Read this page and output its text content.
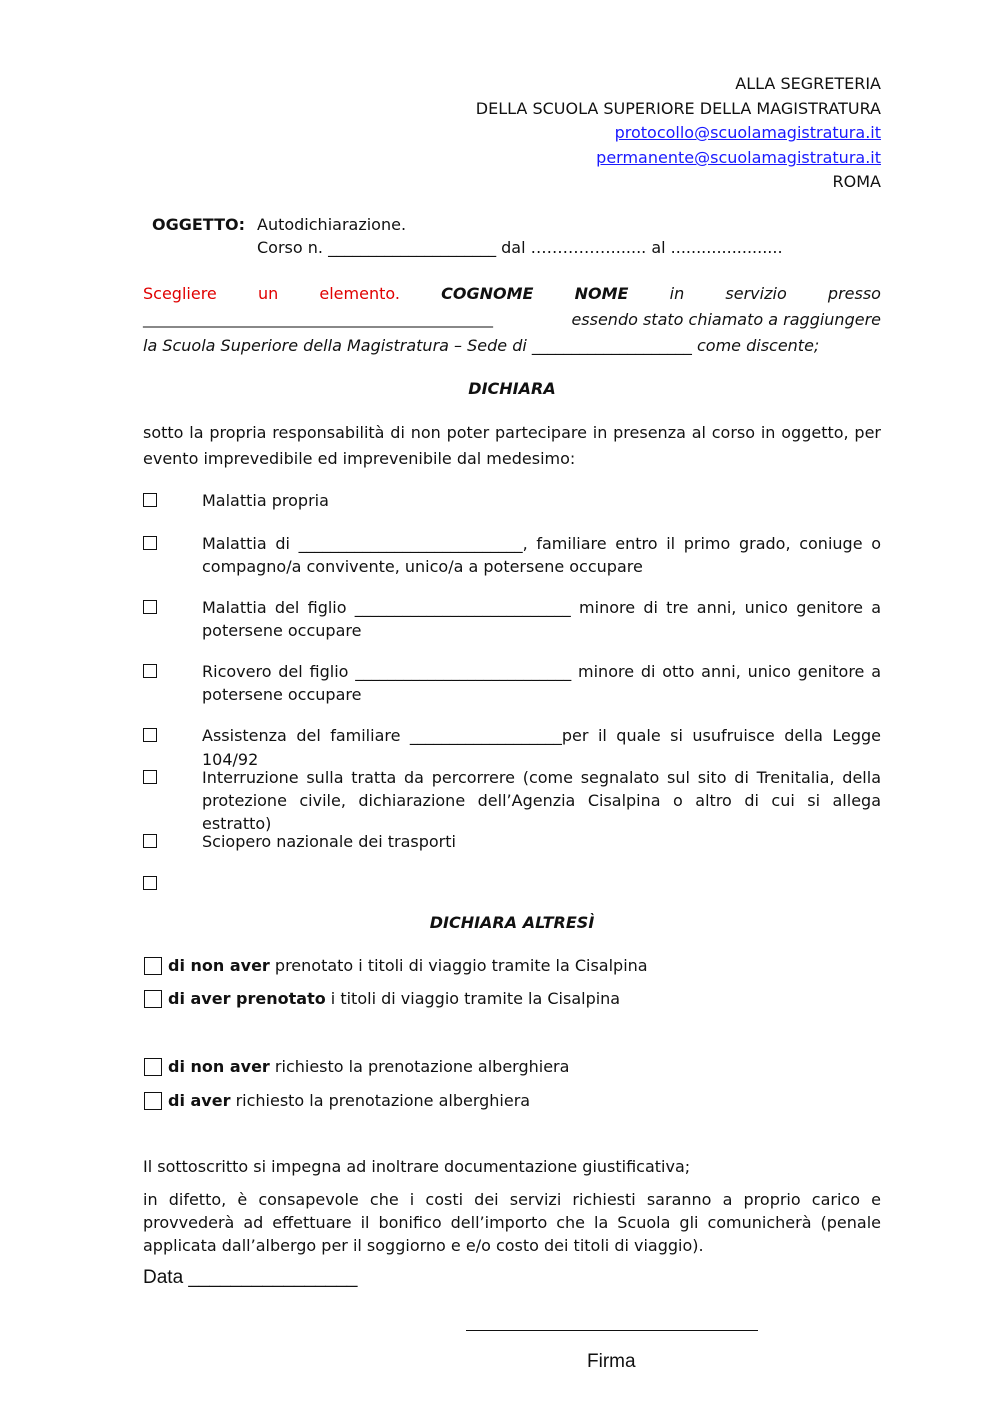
ALLA SEGRETERIA
DELLA SCUOLA SUPERIORE DELLA MAGISTRATURA
protocollo@scuolamagistratura.it
permanente@scuolamagistratura.it
ROMA
OGGETTO: Autodichiarazione.
Corso n. _____________________ dal ……………....... al ......................
Scegliere	un	elemento.	COGNOME	NOME	in	servizio	presso
__________________________________________________	essendo stato chiamato a raggiungere
la Scuola Superiore della Magistratura – Sede di ____________________ come discente;
DICHIARA
sotto la propria responsabilità di non poter partecipare in presenza al corso in oggetto, per evento imprevedibile ed imprevenibile dal medesimo:
Malattia propria
Malattia di ____________________________, familiare entro il primo grado, coniuge o compagno/a convivente, unico/a a potersene occupare
Malattia del figlio ___________________________ minore di tre anni, unico genitore a potersene occupare
Ricovero del figlio ___________________________ minore di otto anni, unico genitore a potersene occupare
Assistenza del familiare ___________________per il quale si usufruisce della Legge 104/92
Interruzione sulla tratta da percorrere (come segnalato sul sito di Trenitalia, della protezione civile, dichiarazione dell’Agenzia Cisalpina o altro di cui si allega estratto)
Sciopero nazionale dei trasporti
DICHIARA ALTRESÌ
di non aver prenotato i titoli di viaggio tramite la Cisalpina
di aver prenotato i titoli di viaggio tramite la Cisalpina
di non aver richiesto la prenotazione alberghiera
di aver richiesto la prenotazione alberghiera
Il sottoscritto si impegna ad inoltrare documentazione giustificativa;
in difetto, è consapevole che i costi dei servizi richiesti saranno a proprio carico e provvederà ad effettuare il bonifico dell’importo che la Scuola gli comunicherà (penale applicata dall’albergo per il soggiorno e e/o costo dei titoli di viaggio).
Data ________________
Firma
